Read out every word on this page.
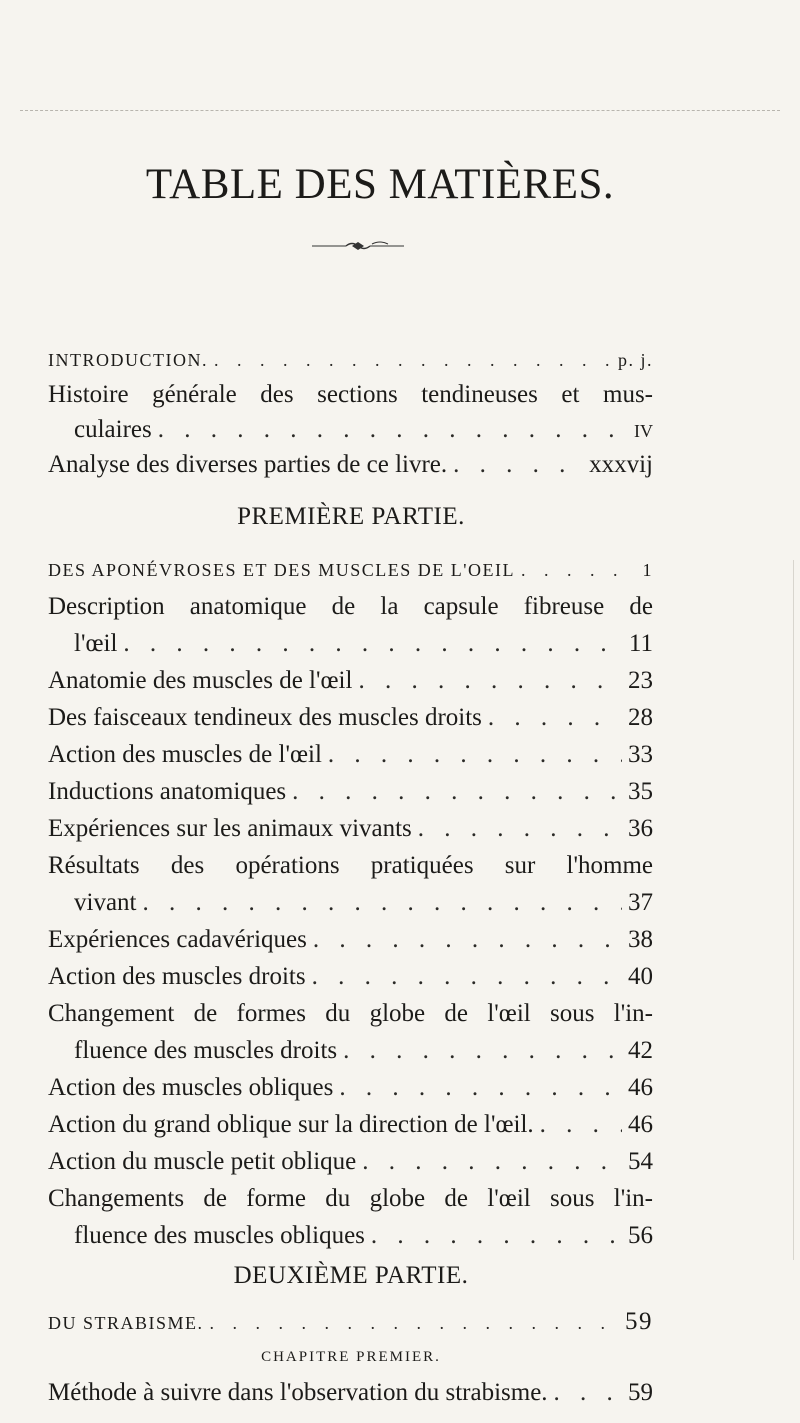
TABLE DES MATIÈRES.
INTRODUCTION. . . .	p. j.
Histoire générale des sections tendineuses et mus-
culaires . . .	IV
Analyse des diverses parties de ce livre. . . .	xxxvij
PREMIÈRE PARTIE.
DES APONÉVROSES ET DES MUSCLES DE L'OEIL . . .	1
Description anatomique de la capsule fibreuse de
l'œil . . .	11
Anatomie des muscles de l'œil . . .	23
Des faisceaux tendineux des muscles droits . . .	28
Action des muscles de l'œil . . .	33
Inductions anatomiques . . .	35
Expériences sur les animaux vivants . . .	36
Résultats des opérations pratiquées sur l'homme
vivant . . .	37
Expériences cadavériques . . .	38
Action des muscles droits . . .	40
Changement de formes du globe de l'œil sous l'in-
fluence des muscles droits . . .	42
Action des muscles obliques . . .	46
Action du grand oblique sur la direction de l'œil. . . .	46
Action du muscle petit oblique . . .	54
Changements de forme du globe de l'œil sous l'in-
fluence des muscles obliques . . .	56
DEUXIÈME PARTIE.
DU STRABISME. . . .	59
CHAPITRE PREMIER.
Méthode à suivre dans l'observation du strabisme. . . .	59
